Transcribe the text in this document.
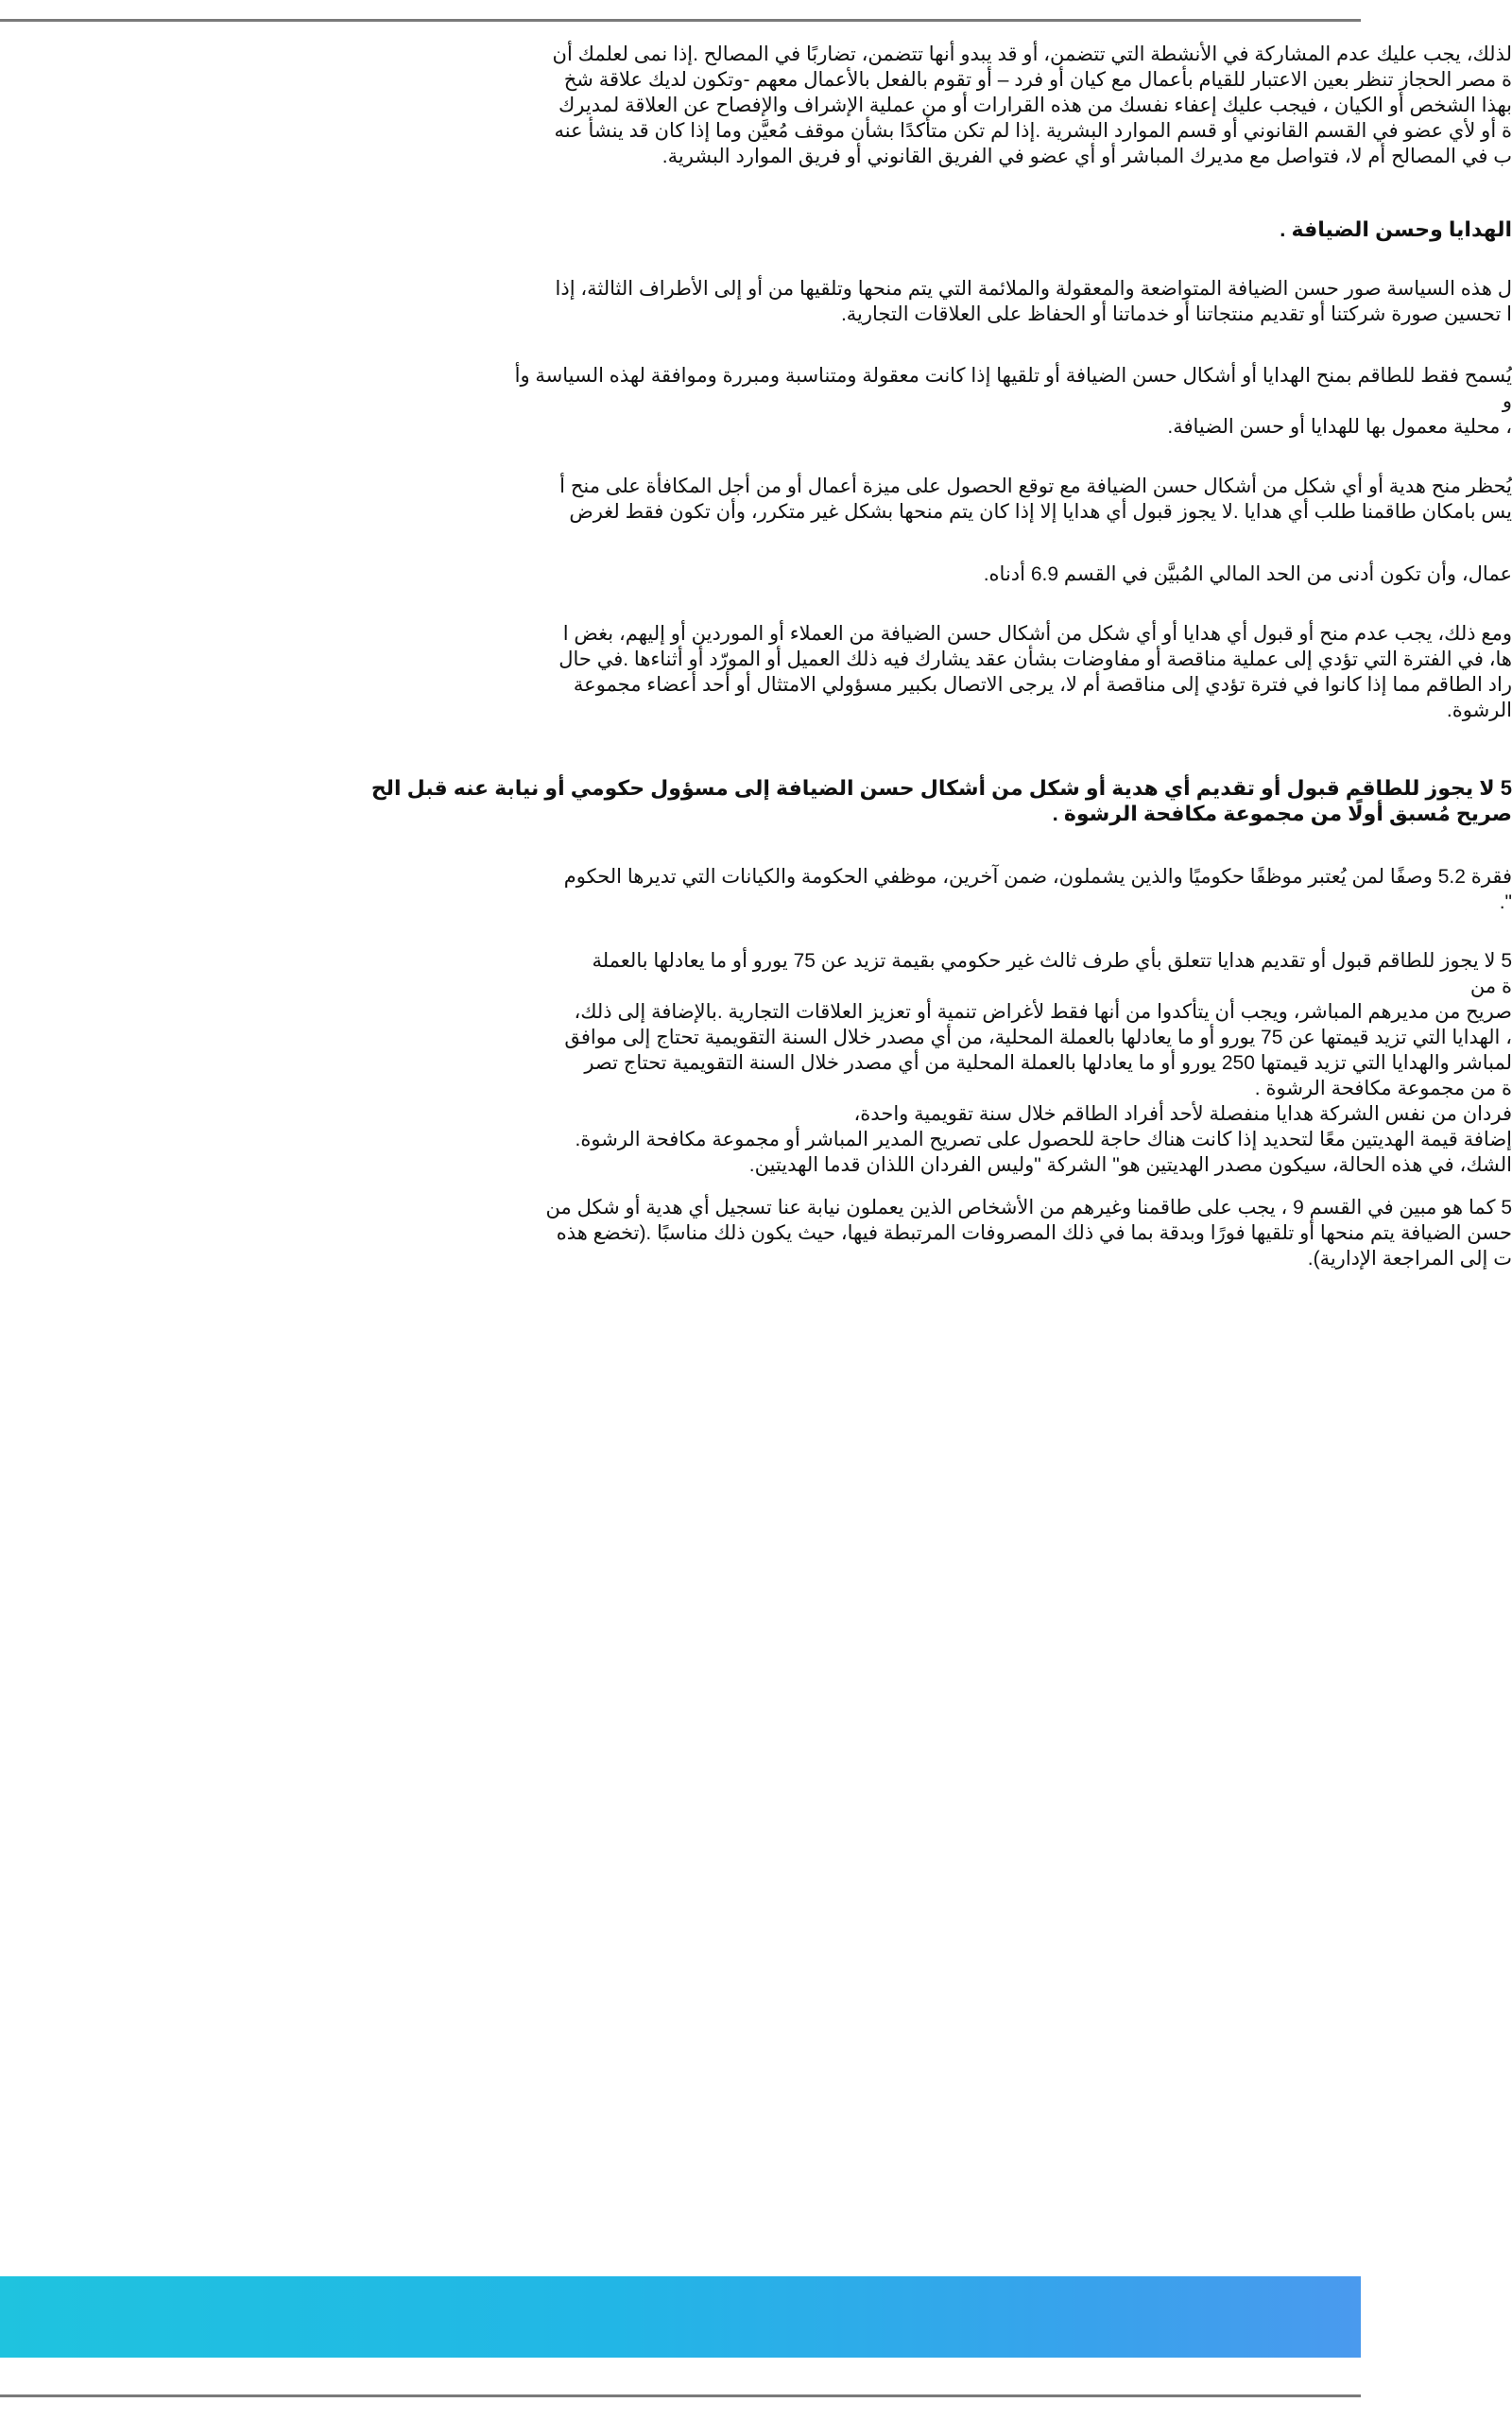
لذلك، يجب عليك عدم المشاركة في الأنشطة التي تتضمن، أو قد يبدو أنها تتضمن، تضاربًا في المصالح .إذا نمى لعلمك أن
ة مصر الحجاز تنظر بعين الاعتبار للقيام بأعمال مع كيان أو فرد – أو تقوم بالفعل بالأعمال معهم -وتكون لديك علاقة شخ
بهذا الشخص أو الكيان ، فيجب عليك إعفاء نفسك من هذه القرارات أو من عملية الإشراف والإفصاح عن العلاقة لمديرك
ة أو لأي عضو في القسم القانوني أو قسم الموارد البشرية .إذا لم تكن متأكدًا بشأن موقف مُعيَّن وما إذا كان قد ينشأ عنه
ب في المصالح أم لا، فتواصل مع مديرك المباشر أو أي عضو في الفريق القانوني أو فريق الموارد البشرية.
الهدايا وحسن الضيافة .
ل هذه السياسة صور حسن الضيافة المتواضعة والمعقولة والملائمة التي يتم منحها وتلقيها من أو إلى الأطراف الثالثة، إذا
ا تحسين صورة شركتنا أو تقديم منتجاتنا أو خدماتنا أو الحفاظ على العلاقات التجارية.
يُسمح فقط للطاقم بمنح الهدايا أو أشكال حسن الضيافة أو تلقيها إذا كانت معقولة ومتناسبة ومبررة وموافقة لهذه السياسة وأ
و
، محلية معمول بها للهدايا أو حسن الضيافة.
يُحظر منح هدية أو أي شكل من أشكال حسن الضيافة مع توقع الحصول على ميزة أعمال أو من أجل المكافأة على منح أ
يس بامكان طاقمنا طلب أي هدايا .لا يجوز قبول أي هدايا إلا إذا كان يتم منحها بشكل غير متكرر، وأن تكون فقط لغرض
عمال، وأن تكون أدنى من الحد المالي المُبيَّن في القسم 6.9 أدناه.
ومع ذلك، يجب عدم منح أو قبول أي هدايا أو أي شكل من أشكال حسن الضيافة من العملاء أو الموردين أو إليهم، بغض ا
ها، في الفترة التي تؤدي إلى عملية مناقصة أو مفاوضات بشأن عقد يشارك فيه ذلك العميل أو المورّد أو أثناءها .في حال
راد الطاقم مما إذا كانوا في فترة تؤدي إلى مناقصة أم لا، يرجى الاتصال بكبير مسؤولي الامتثال أو أحد أعضاء مجموعة
الرشوة.
5 لا يجوز للطاقم قبول أو تقديم أي هدية أو شكل من أشكال حسن الضيافة إلى مسؤول حكومي أو نيابة عنه قبل الح
صريح مُسبق أولًا من مجموعة مكافحة الرشوة .
فقرة 5.2 وصفًا لمن يُعتبر موظفًا حكوميًا والذين يشملون، ضمن آخرين، موظفي الحكومة والكيانات التي تديرها الحكوم
".
5 لا يجوز للطاقم قبول أو تقديم هدايا تتعلق بأي طرف ثالث غير حكومي بقيمة تزيد عن 75 يورو أو ما يعادلها بالعملة
ة من
صريح من مديرهم المباشر، ويجب أن يتأكدوا من أنها فقط لأغراض تنمية أو تعزيز العلاقات التجارية .بالإضافة إلى ذلك،
، الهدايا التي تزيد قيمتها عن 75 يورو أو ما يعادلها بالعملة المحلية، من أي مصدر خلال السنة التقويمية تحتاج إلى موافق
لمباشر والهدايا التي تزيد قيمتها 250 يورو أو ما يعادلها بالعملة المحلية من أي مصدر خلال السنة التقويمية تحتاج تصر
ة من مجموعة مكافحة الرشوة .
فردان من نفس الشركة هدايا منفصلة لأحد أفراد الطاقم خلال سنة تقويمية واحدة،
إضافة قيمة الهديتين معًا لتحديد إذا كانت هناك حاجة للحصول على تصريح المدير المباشر أو مجموعة مكافحة الرشوة.
الشك، في هذه الحالة، سيكون مصدر الهديتين هو" الشركة "وليس الفردان اللذان قدما الهديتين.
5 كما هو مبين في القسم 9 ، يجب على طاقمنا وغيرهم من الأشخاص الذين يعملون نيابة عنا تسجيل أي هدية أو شكل من
حسن الضيافة يتم منحها أو تلقيها فورًا وبدقة بما في ذلك المصروفات المرتبطة فيها، حيث يكون ذلك مناسبًا .(تخضع هذه
ت إلى المراجعة الإدارية).
